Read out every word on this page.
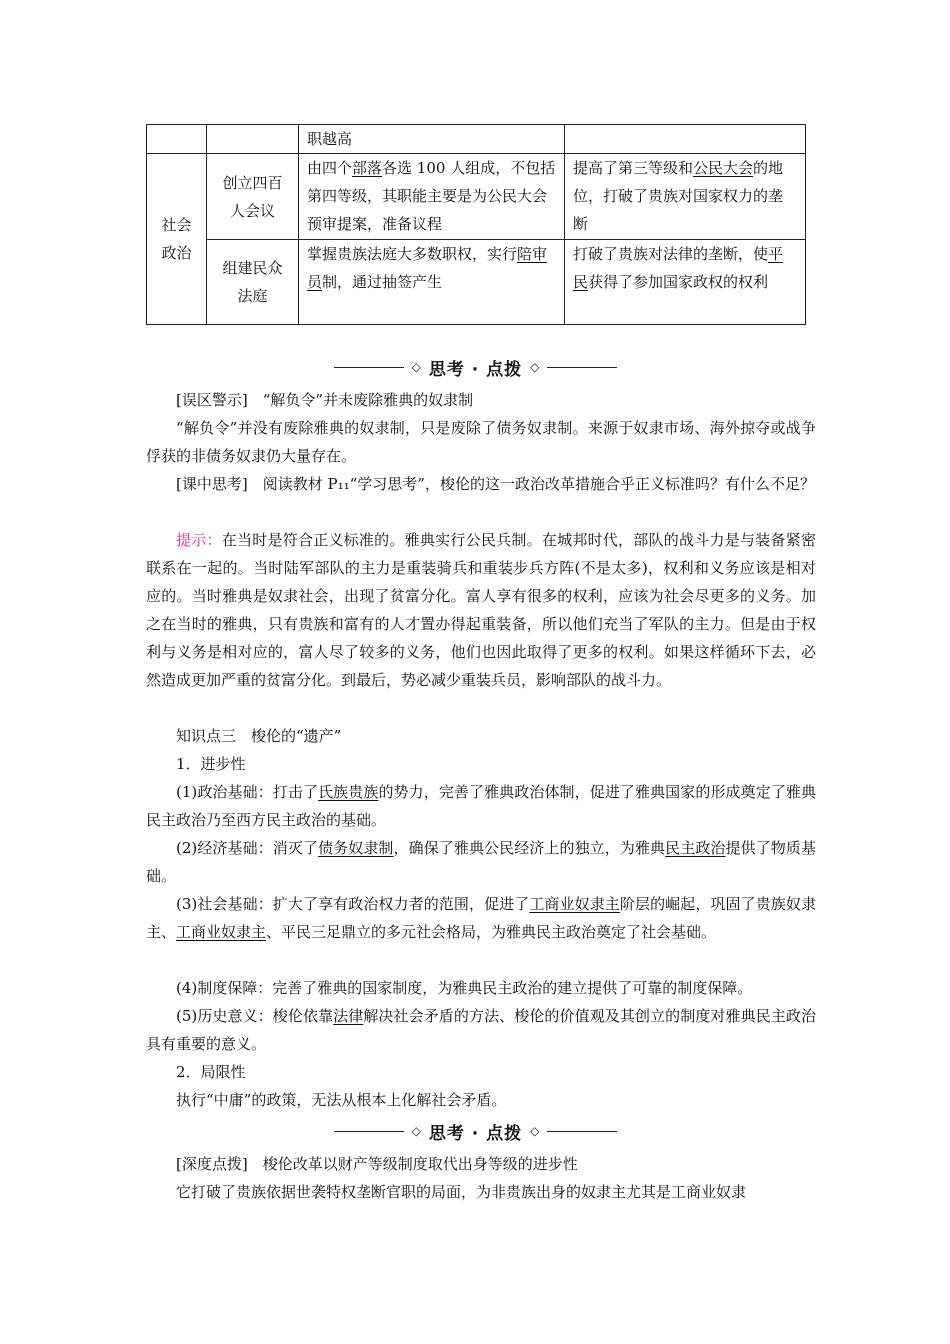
		职越高	
社会政治	创立四百人会议	由四个部落各选 100 人组成，不包括第四等级，其职能主要是为公民大会预审提案，准备议程	提高了第三等级和公民大会的地位，打破了贵族对国家权力的垄断
	组建民众法庭	掌握贵族法庭大多数职权，实行陪审员制，通过抽签产生	打破了贵族对法律的垄断，使平民获得了参加国家政权的权利
◇ 思考 · 点拨 ◇

[误区警示]　 “解负令”并未废除雅典的奴隶制

“解负令”并没有废除雅典的奴隶制，只是废除了债务奴隶制。来源于奴隶市场、海外掠夺或战争俘获的非债务奴隶仍大量存在。

[课中思考]　 阅读教材 P₁₁“学习思考”，梭伦的这一政治改革措施合乎正义标准吗？有什么不足？

提示：在当时是符合正义标准的。雅典实行公民兵制。在城邦时代，部队的战斗力是与装备紧密联系在一起的。当时陆军部队的主力是重装骑兵和重装步兵方阵(不是太多)，权利和义务应该是相对应的。当时雅典是奴隶社会，出现了贫富分化。富人享有很多的权利，应该为社会尽更多的义务。加之在当时的雅典，只有贵族和富有的人才置办得起重装备，所以他们充当了军队的主力。但是由于权利与义务是相对应的，富人尽了较多的义务，他们也因此取得了更多的权利。如果这样循环下去，必然造成更加严重的贫富分化。到最后，势必减少重装兵员，影响部队的战斗力。

知识点三　梭伦的“遗产”

1．进步性

(1)政治基础：打击了氏族贵族的势力，完善了雅典政治体制，促进了雅典国家的形成奠定了雅典民主政治乃至西方民主政治的基础。

(2)经济基础：消灭了债务奴隶制，确保了雅典公民经济上的独立，为雅典民主政治提供了物质基础。

(3)社会基础：扩大了享有政治权力者的范围，促进了工商业奴隶主阶层的崛起，巩固了贵族奴隶主、工商业奴隶主、平民三足鼎立的多元社会格局，为雅典民主政治奠定了社会基础。

(4)制度保障：完善了雅典的国家制度，为雅典民主政治的建立提供了可靠的制度保障。

(5)历史意义：梭伦依靠法律解决社会矛盾的方法、梭伦的价值观及其创立的制度对雅典民主政治具有重要的意义。

2．局限性

执行“中庸”的政策，无法从根本上化解社会矛盾。

◇ 思考 · 点拨 ◇

[深度点拨]　 梭伦改革以财产等级制度取代出身等级的进步性

它打破了贵族依据世袭特权垄断官职的局面，为非贵族出身的奴隶主尤其是工商业奴隶
